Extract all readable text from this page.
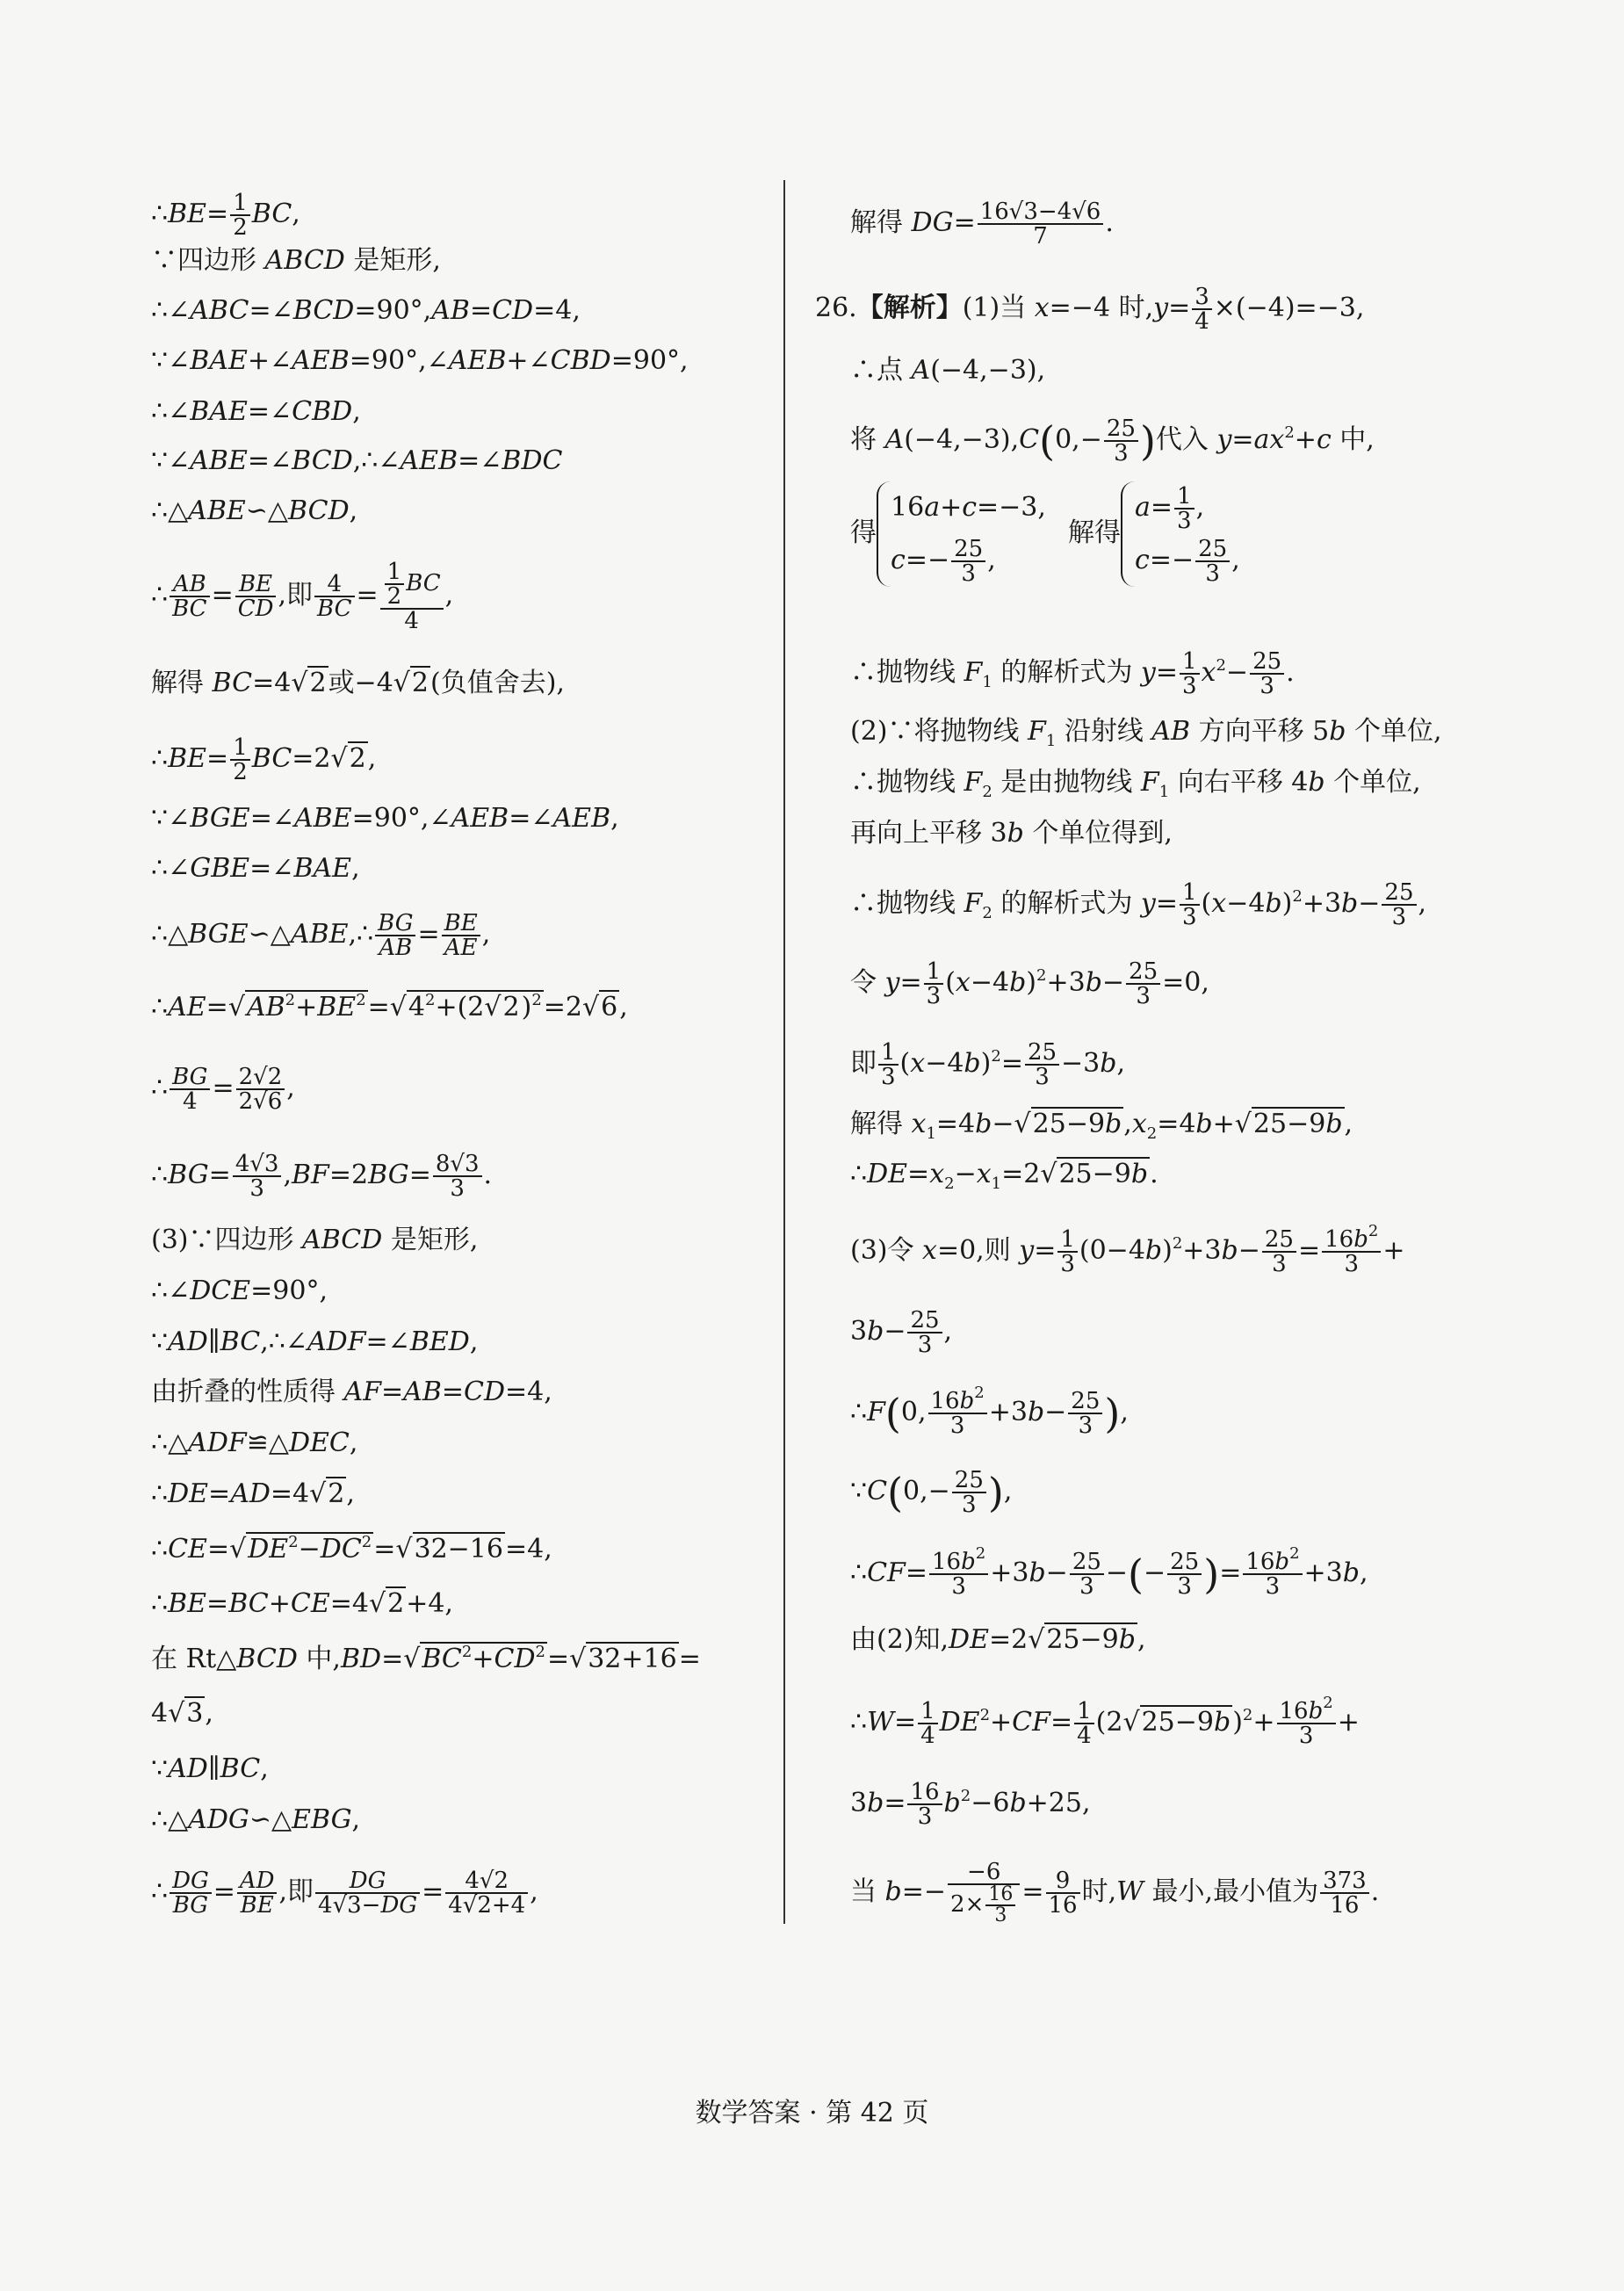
∴BE= $\frac{1}{2}$ BC,
∵四边形 ABCD 是矩形,
∴∠ABC=∠BCD=90°,AB=CD=4,
∵∠BAE+∠AEB=90°,∠AEB+∠CBD=90°,
∴∠BAE=∠CBD,
∵∠ABE=∠BCD,∴∠AEB=∠BDC
∴△ABE∽△BCD,
∴ $\frac{AB}{BC} = \frac{BE}{CD}$ ,即 $\frac{4}{BC} = \frac{\frac{1}{2} BC}{4}$ ,
解得 BC=4√2或−4√2(负值舍去),
∴BE= $\frac{1}{2} BC=2√2$,
∵∠BGE=∠ABE=90°,∠AEB=∠AEB,
∴∠GBE=∠BAE,
∴△BGE∽△ABE,∴ $\frac{BG}{AB} = \frac{BE}{AE}$ ,
$\therefore AE=√AB^2+BE^2=√4^2+(2√2)^2=2√6$,
∴ $\frac{BG}{4} = \frac{2√2}{2√6}$ ,
∴BG= $\frac{4√3}{3} ,BF=2BG= \frac{8√3}{3}$ .
(3)∵四边形 ABCD 是矩形,
∴∠DCE=90°,
∵AD∥BC,∴∠ADF=∠BED,
由折叠的性质得 AF=AB=CD=4,
∴△ADF≌△DEC,
∴DE=AD=4√2,
$\therefore CE=√DE^2-DC^2=√32-16=4$,
∴BE=BC+CE=4√2+4,
在 Rt△BCD 中$,BD=√BC^2+CD^2=√32+16=$
4√3,
∵AD∥BC,
∴△ADG∽△EBG,
∴ $\frac{DG}{BG} = \frac{AD}{BE}$ ,即 $\frac{DG}{4√3-DG} = \frac{4√2}{4√2+4}$ ,
解得 $DG= \frac{16√3-4√6}{7}$ .
26.【解析】(1)当 x=−4 时$,y= \frac{3}{4} \times(-4)=-3$,
∴点 A(−4,−3),
将 $A(-4,-3),C(0,- \frac{25}{3}$ )代入 $y=ax^2+c$ 中,
得
16a+c=−3,
$c=- \frac{25}{3}$ ,
解得
$a= \frac{1}{3}$ ,
$c=- \frac{25}{3}$ ,
∴抛物线 $F_1$ 的解析式为 $y= \frac{1}{3} x^2- \frac{25}{3}$ .
(2)∵将抛物线 $F_1$ 沿射线 AB 方向平移 5b 个单位,
∴抛物线 $F_2$ 是由抛物线 $F_1$ 向右平移 4b 个单位,
再向上平移 3b 个单位得到,
∴抛物线 $F_2$ 的解析式为 $y= \frac{1}{3} (x-4b)^2+3b- \frac{25}{3}$ ,
令 $y= \frac{1}{3} (x-4b)^2+3b- \frac{25}{3} =0$,
即 $\frac{1}{3} (x-4b)^2= \frac{25}{3} -3b$,
解得 $x_1=4b-√25-9b,x_2=4b+√25-9b$,
$\therefore DE=x_2-x_1=2√25-9b$.
(3)令 x=0,则 $y= \frac{1}{3} (0-4b)^2+3b- \frac{25}{3} = \frac{16b^2}{3}$ +
$3b- \frac{25}{3}$ ,
∴F(0, $\frac{16b^2}{3} +3b- \frac{25}{3}$ ),
∵C(0,− $\frac{25}{3}$ ),
∴CF= $\frac{16b^2}{3} +3b- \frac{25}{3}$ −(− $\frac{25}{3}$ )= $\frac{16b^2}{3} +3b$,
由(2)知,DE=2√25−9b,
∴W= $\frac{1}{4} DE^2+CF= \frac{1}{4} (2√25-9b)^2+ \frac{16b^2}{3}$ +
$3b= \frac{16}{3} b^2-6b+25$,
当 $b=- \frac{-6}{2\times \frac{16}{3}} = \frac{9}{16}$ 时,W 最小,最小值为 $\frac{373}{16}$ .
数学答案 · 第 42 页
